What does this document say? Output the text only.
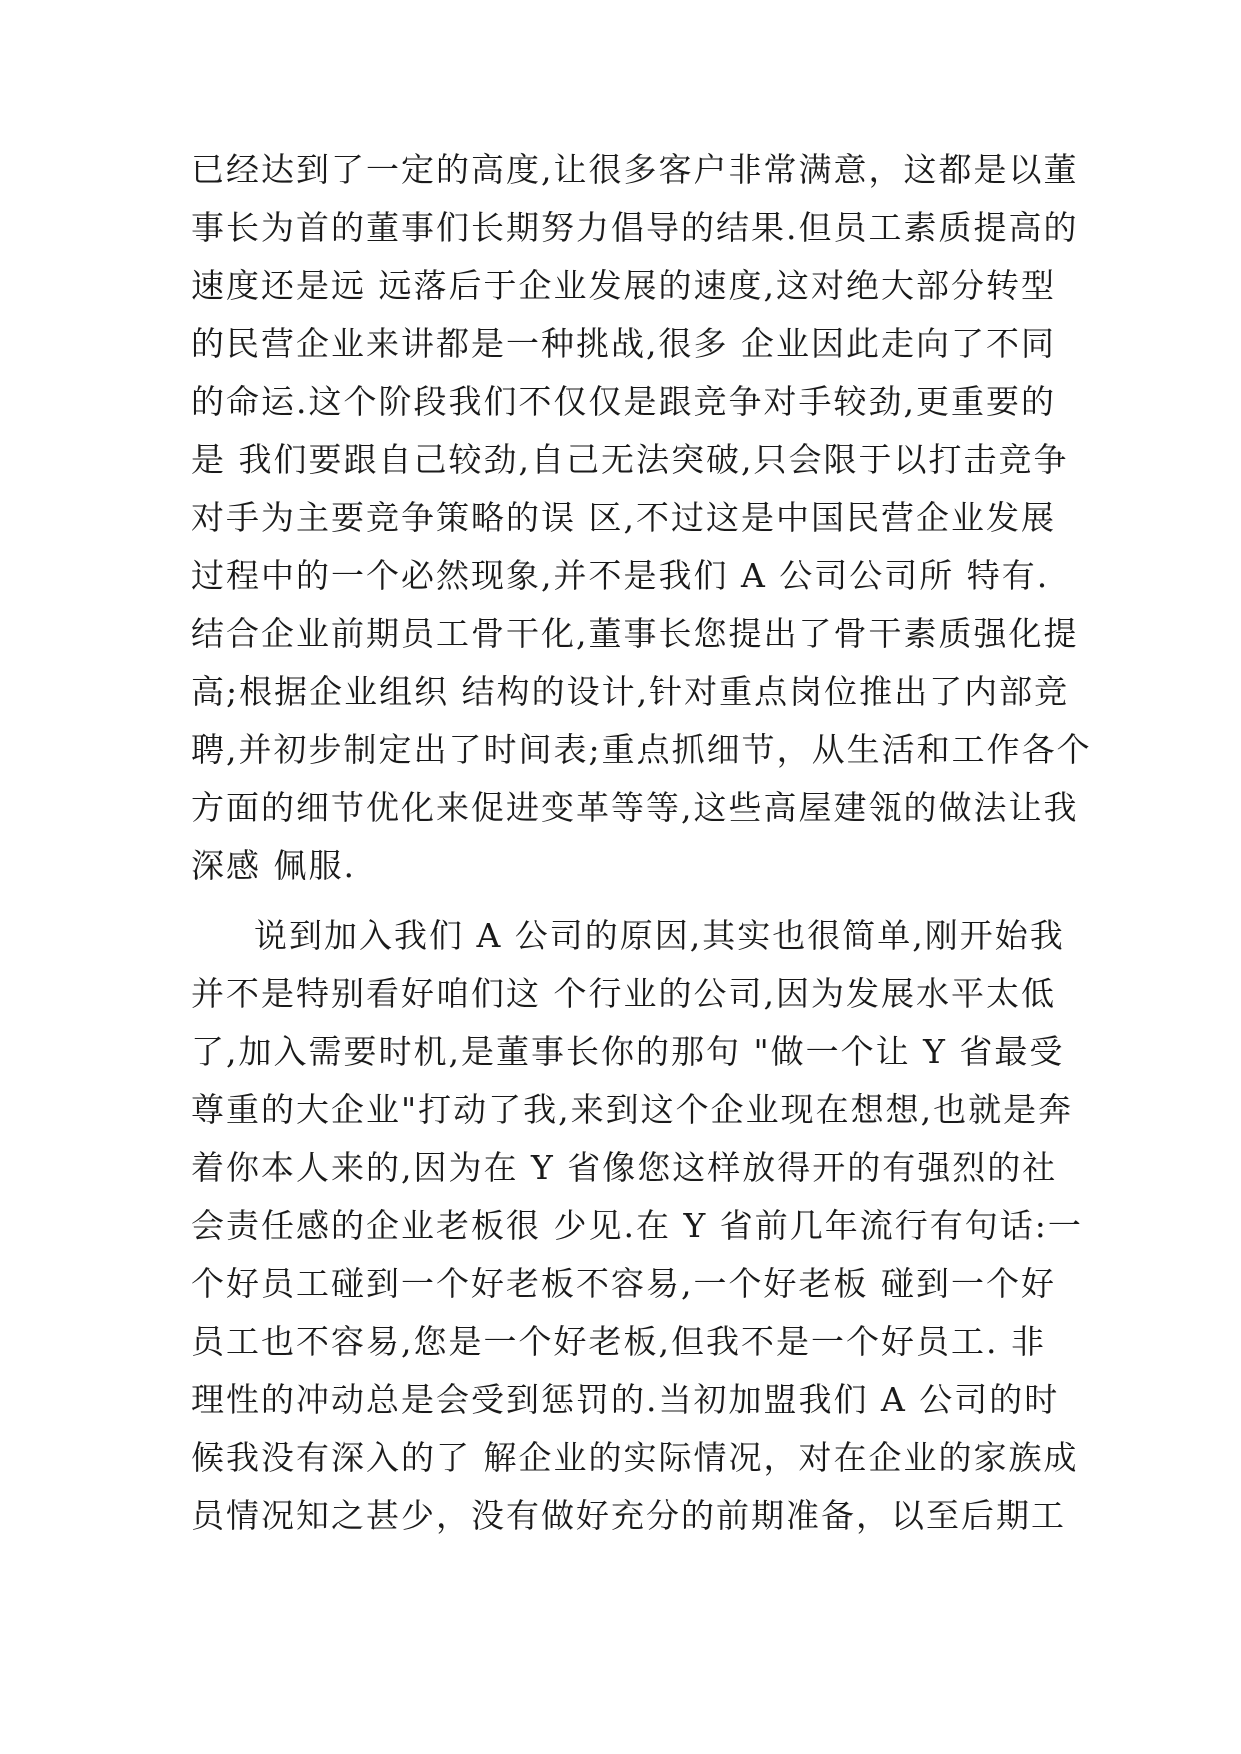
已经达到了一定的高度,让很多客户非常满意，这都是以董
事长为首的董事们长期努力倡导的结果.但员工素质提高的
速度还是远 远落后于企业发展的速度,这对绝大部分转型
的民营企业来讲都是一种挑战,很多 企业因此走向了不同
的命运.这个阶段我们不仅仅是跟竞争对手较劲,更重要的
是 我们要跟自己较劲,自己无法突破,只会限于以打击竞争
对手为主要竞争策略的误 区,不过这是中国民营企业发展
过程中的一个必然现象,并不是我们 A 公司公司所 特有.
结合企业前期员工骨干化,董事长您提出了骨干素质强化提
高;根据企业组织 结构的设计,针对重点岗位推出了内部竞
聘,并初步制定出了时间表;重点抓细节，从生活和工作各个
方面的细节优化来促进变革等等,这些高屋建瓴的做法让我
深感 佩服.
说到加入我们 A 公司的原因,其实也很简单,刚开始我
并不是特别看好咱们这 个行业的公司,因为发展水平太低
了,加入需要时机,是董事长你的那句 "做一个让 Y 省最受
尊重的大企业"打动了我,来到这个企业现在想想,也就是奔
着你本人来的,因为在 Y 省像您这样放得开的有强烈的社
会责任感的企业老板很 少见.在 Y 省前几年流行有句话:一
个好员工碰到一个好老板不容易,一个好老板 碰到一个好
员工也不容易,您是一个好老板,但我不是一个好员工. 非
理性的冲动总是会受到惩罚的.当初加盟我们 A 公司的时
候我没有深入的了 解企业的实际情况，对在企业的家族成
员情况知之甚少，没有做好充分的前期准备，以至后期工
